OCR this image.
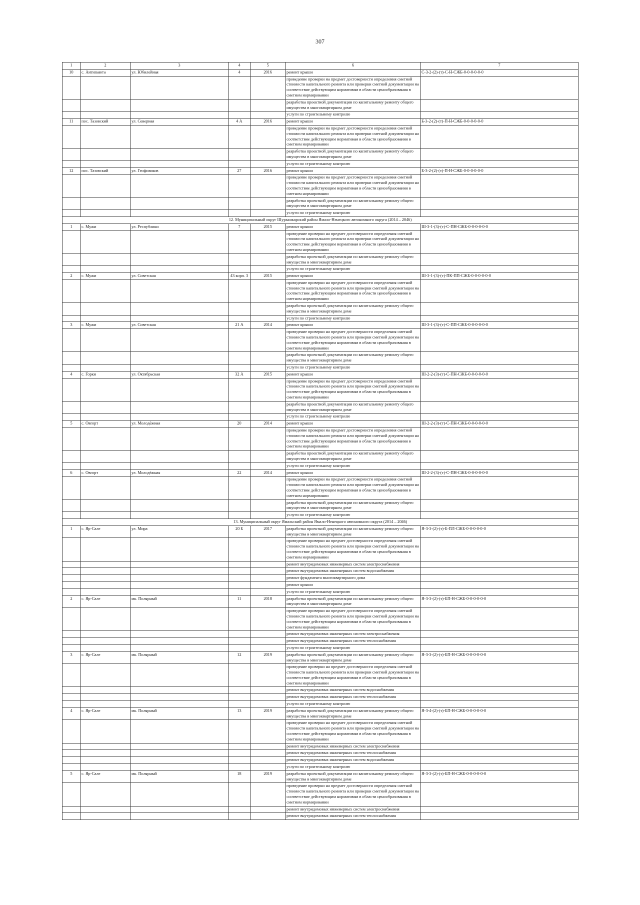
307
1	2	3	4	5	6	7
10	с. Антипаюта	ул. Юбилейная	4	2016	ремонт крыши	С-3-2-(2)-(т)-С-Н-СЖБ-0-0-0-0-0-0
					проведение проверки на предмет достоверности определения сметной стоимости капитального ремонта или проверки сметной документации на соответствие действующим нормативам в области ценообразования в сметном нормировании	
					разработка проектной документации по капитальному ремонту общего имущества в многоквартирном доме	
					услуги по строительному контролю	
11	пос. Тазовский	ул. Северная	4 А	2016	ремонт крыши	Б-3-2-(2)-(т)-П-Н-СЖБ-0-0-0-0-0-0
					проведение проверки на предмет достоверности определения сметной стоимости капитального ремонта или проверки сметной документации на соответствие действующим нормативам в области ценообразования в сметном нормировании	
					разработка проектной документации по капитальному ремонту общего имущества в многоквартирном доме	
					услуги по строительному контролю	
12	пос. Тазовский	ул. Геофизиков	27	2016	ремонт крыши	Б-3-2-(2)-(т)-П-Н-СЖБ-0-0-0-0-0-0
					проведение проверки на предмет достоверности определения сметной стоимости капитального ремонта или проверки сметной документации на соответствие действующим нормативам в области ценообразования в сметном нормировании	
					разработка проектной документации по капитальному ремонту общего имущества в многоквартирном доме	
					услуги по строительному контролю	
12. Муниципальный округ Шурышкарский район Ямало-Ненецкого автономного округа (2014 – 2046)						
1	с. Мужи	ул. Республики	7	2015	ремонт крыши	Ш-3-1-(3)-(т)-С-ПН-СЖБ-0-0-0-0-0-0
					проведение проверки на предмет достоверности определения сметной стоимости капитального ремонта или проверки сметной документации на соответствие действующим нормативам в области ценообразования в сметном нормировании	
					разработка проектной документации по капитальному ремонту общего имущества в многоквартирном доме	
					услуги по строительному контролю	
2	с. Мужи	ул. Советская	43 корп. 3	2015	ремонт крыши	Ш-3-1-(3)-(т)-ПК-ПП-СЖБ-0-0-0-0-0-0
					проведение проверки на предмет достоверности определения сметной стоимости капитального ремонта или проверки сметной документации на соответствие действующим нормативам в области ценообразования в сметном нормировании	
					разработка проектной документации по капитальному ремонту общего имущества в многоквартирном доме	
					услуги по строительному контролю	
3	с. Мужи	ул. Советская	21 А	2014	ремонт крыши	Ш-3-1-(3)-(т)-С-ПП-СЖБ-0-0-0-0-0-0
					проведение проверки на предмет достоверности определения сметной стоимости капитального ремонта или проверки сметной документации на соответствие действующим нормативам в области ценообразования в сметном нормировании	
					разработка проектной документации по капитальному ремонту общего имущества в многоквартирном доме	
					услуги по строительному контролю	
4	с. Горки	ул. Октябрьская	32 А	2015	ремонт крыши	Ш-2-2-(3)-(т)-С-ПН-СЖБ-0-0-0-0-0-0
					проведение проверки на предмет достоверности определения сметной стоимости капитального ремонта или проверки сметной документации на соответствие действующим нормативам в области ценообразования в сметном нормировании	
					разработка проектной документации по капитальному ремонту общего имущества в многоквартирном доме	
					услуги по строительному контролю	
5	с. Овгорт	ул. Молодёжная	20	2014	ремонт крыши	Ш-2-2-(3)-(т)-С-ПН-СЖБ-0-0-0-0-0-0
					проведение проверки на предмет достоверности определения сметной стоимости капитального ремонта или проверки сметной документации на соответствие действующим нормативам в области ценообразования в сметном нормировании	
					разработка проектной документации по капитальному ремонту общего имущества в многоквартирном доме	
					услуги по строительному контролю	
6	с. Овгорт	ул. Молодёжная	22	2014	ремонт крыши	Ш-2-2-(3)-(т)-С-ПН-СЖБ-0-0-0-0-0-0
					проведение проверки на предмет достоверности определения сметной стоимости капитального ремонта или проверки сметной документации на соответствие действующим нормативам в области ценообразования в сметном нормировании	
					разработка проектной документации по капитальному ремонту общего имущества в многоквартирном доме	
					услуги по строительному контролю	
13. Муниципальный округ Ямальский район Ямало-Ненецкого автономного округа (2014 – 2046)						
1	с. Яр-Сале	ул. Мира	20 Б	2017	разработка проектной документации по капитальному ремонту общего имущества в многоквартирном доме	Я-3-3-(2)-(т)-Б-ПЛ-СЖБ-0-0-0-0-0-0
					проведение проверки на предмет достоверности определения сметной стоимости капитального ремонта или проверки сметной документации на соответствие действующим нормативам в области ценообразования в сметном нормировании	
					ремонт внутридомовых инженерных систем электроснабжения	
					ремонт внутридомовых инженерных систем водоснабжения	
					ремонт фундамента многоквартирного дома	
					ремонт крыши	
					услуги по строительному контролю	
2	с. Яр-Сале	мк. Полярный	11	2018	разработка проектной документации по капитальному ремонту общего имущества в многоквартирном доме	Я-3-3-(2)-(т)-БП-Н-СЖБ-0-0-0-0-0-0
					проведение проверки на предмет достоверности определения сметной стоимости капитального ремонта или проверки сметной документации на соответствие действующим нормативам в области ценообразования в сметном нормировании	
					ремонт внутридомовых инженерных систем электроснабжения	
					ремонт внутридомовых инженерных систем теплоснабжения	
					услуги по строительному контролю	
3	с. Яр-Сале	мк. Полярный	12	2019	разработка проектной документации по капитальному ремонту общего имущества в многоквартирном доме	Я-3-3-(2)-(т)-БП-Н-СЖБ-0-0-0-0-0-0
					проведение проверки на предмет достоверности определения сметной стоимости капитального ремонта или проверки сметной документации на соответствие действующим нормативам в области ценообразования в сметном нормировании	
					ремонт внутридомовых инженерных систем водоснабжения	
					ремонт внутридомовых инженерных систем теплоснабжения	
					услуги по строительному контролю	
4	с. Яр-Сале	мк. Полярный	13	2019	разработка проектной документации по капитальному ремонту общего имущества в многоквартирном доме	Я-3-4-(2)-(т)-БП-Н-СЖБ-0-0-0-0-0-0
					проведение проверки на предмет достоверности определения сметной стоимости капитального ремонта или проверки сметной документации на соответствие действующим нормативам в области ценообразования в сметном нормировании	
					ремонт внутридомовых инженерных систем электроснабжения	
					ремонт внутридомовых инженерных систем теплоснабжения	
					ремонт внутридомовых инженерных систем водоснабжения	
					услуги по строительному контролю	
5	с. Яр-Сале	мк. Полярный	18	2019	разработка проектной документации по капитальному ремонту общего имущества в многоквартирном доме	Я-3-3-(2)-(т)-БП-Н-СЖБ-0-0-0-0-0-0
					проведение проверки на предмет достоверности определения сметной стоимости капитального ремонта или проверки сметной документации на соответствие действующим нормативам в области ценообразования в сметном нормировании	
					ремонт внутридомовых инженерных систем электроснабжения	
					ремонт внутридомовых инженерных систем теплоснабжения	
